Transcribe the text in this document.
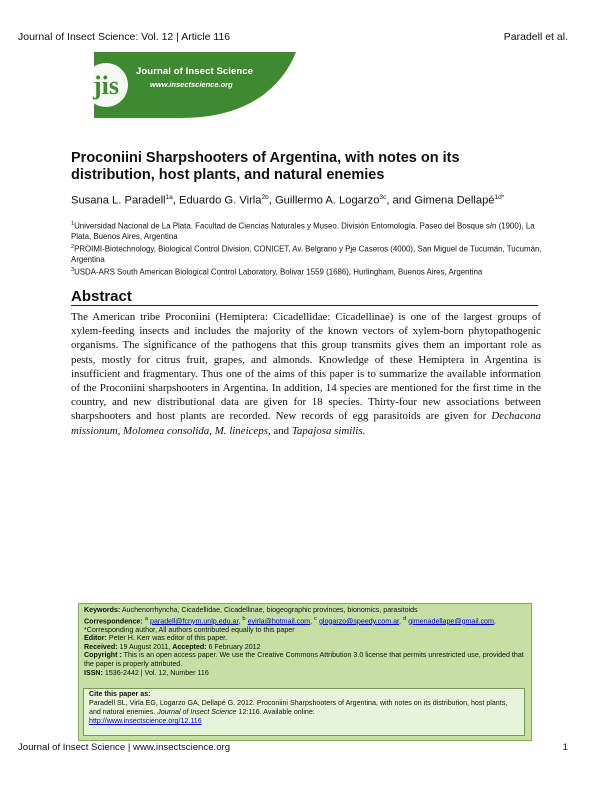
Journal of Insect Science: Vol. 12 | Article 116	Paradell et al.
jis Journal of Insect Science
www.insectscience.org
Proconiini Sharpshooters of Argentina, with notes on its distribution, host plants, and natural enemies
Susana L. Paradell$^{1a}$, Eduardo G. Virla$^{2b}$, Guillermo A. Logarzo$^{3c}$, and Gimena Dellapé$^{1d*}$
$^1$Universidad Nacional de La Plata. Facultad de Ciencias Naturales y Museo. División Entomología. Paseo del Bosque s/n (1900), La Plata, Buenos Aires, Argentina
$^2$PROIMI-Biotechnology, Biological Control Division, CONICET, Av. Belgrano y Pje Caseros (4000), San Miguel de Tucumán, Tucumán, Argentina
$^3$USDA-ARS South American Biological Control Laboratory, Bolivar 1559 (1686), Hurlingham, Buenos Aires, Argentina
Abstract
The American tribe Proconiini (Hemiptera: Cicadellidae: Cicadellinae) is one of the largest groups of xylem-feeding insects and includes the majority of the known vectors of xylem-born phytopathogenic organisms. The significance of the pathogens that this group transmits gives them an important role as pests, mostly for citrus fruit, grapes, and almonds. Knowledge of these Hemiptera in Argentina is insufficient and fragmentary. Thus one of the aims of this paper is to summarize the available information of the Proconiini sharpshooters in Argentina. In addition, 14 species are mentioned for the first time in the country, and new distributional data are given for 18 species. Thirty-four new associations between sharpshooters and host plants are recorded. New records of egg parasitoids are given for Dechacona missionum, Molomea consolida, M. lineiceps, and Tapajosa similis.
Keywords: Auchenorrhyncha, Cicadellidae, Cicadellinae, biogeographic provinces, bionomics, parasitoids
Correspondence: $^a$ paradell@fcnym.unlp.edu.ar, $^b$ evirla@hotmail.com, $^c$ glogarzo@speedy.com.ar, $^d$ gimenadellape@gmail.com, *Corresponding author, All authors contributed equally to this paper
Editor: Peter H. Kerr was editor of this paper.
Received: 19 August 2011, Accepted: 6 February 2012
Copyright : This is an open access paper. We use the Creative Commons Attribution 3.0 license that permits unrestricted use, provided that the paper is properly attributed.
ISSN: 1536-2442 | Vol. 12, Number 116
Cite this paper as:
Paradell SL, Virla EG, Logarzo GA, Dellapé G. 2012. Proconiini Sharpshooters of Argentina, with notes on its distribution, host plants, and natural enemies. Journal of Insect Science 12:116. Available online:
http://www.insectscience.org/12.116
Journal of Insect Science | www.insectscience.org	1
